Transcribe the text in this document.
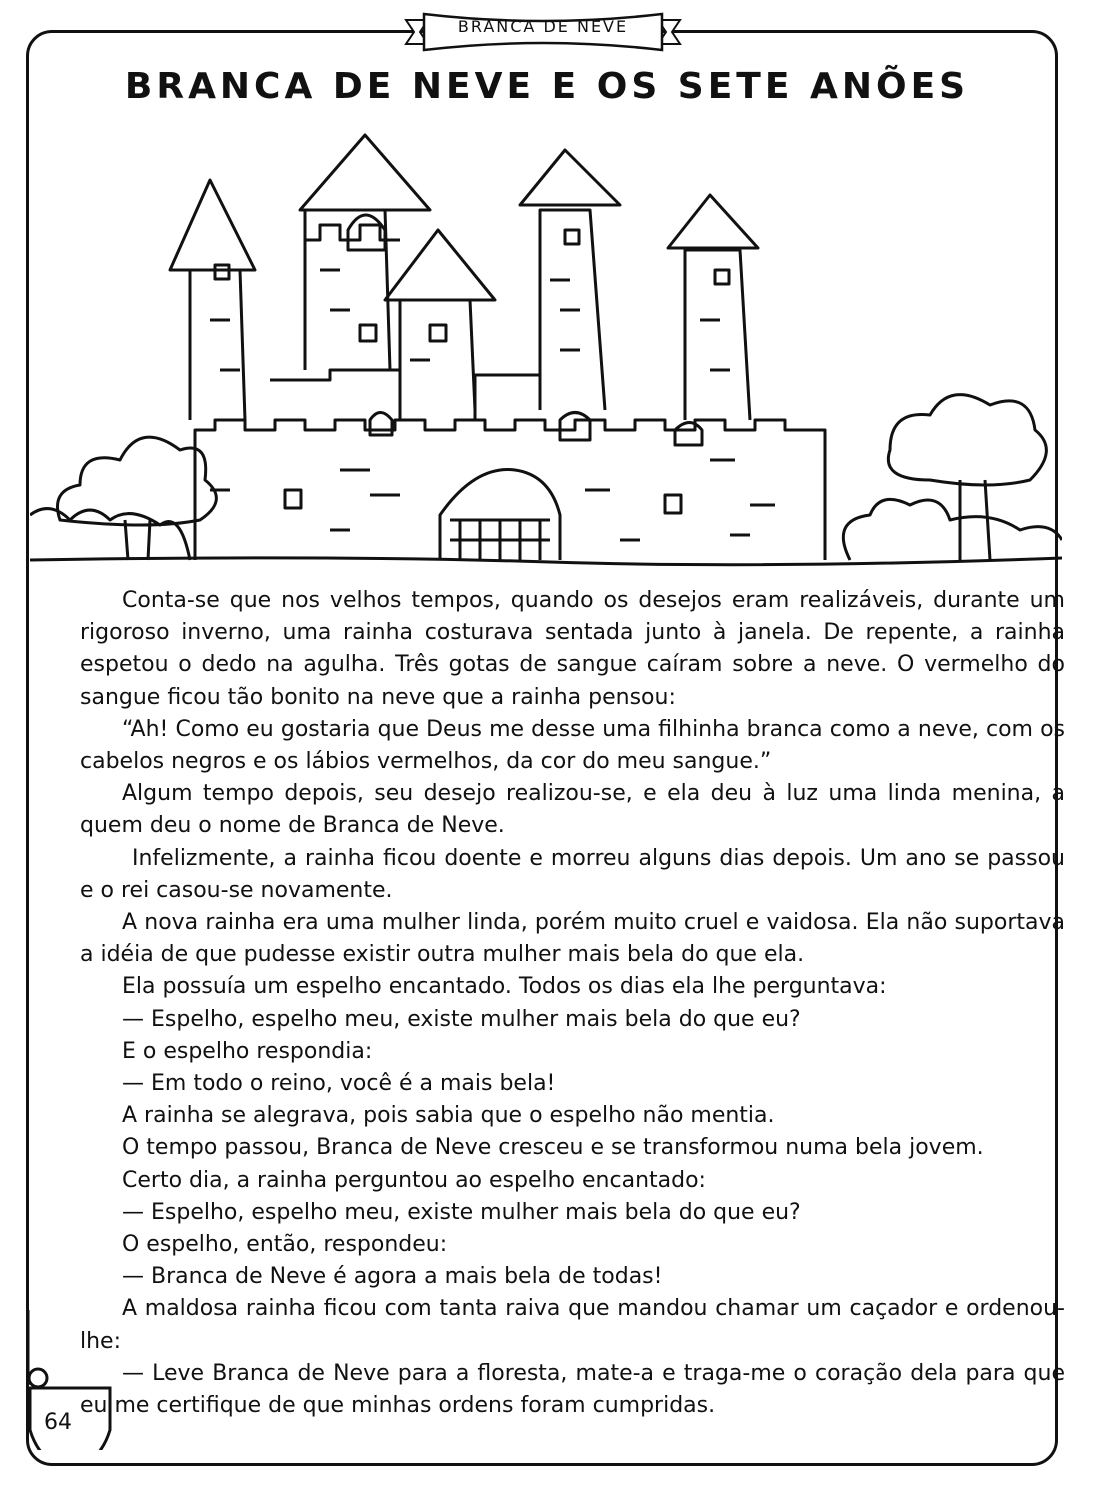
BRANCA DE NEVE
BRANCA DE NEVE E OS SETE ANÕES

Conta-se que nos velhos tempos, quando os desejos eram realizáveis, durante um rigoroso inverno, uma rainha costurava sentada junto à janela. De repente, a rainha espetou o dedo na agulha. Três gotas de sangue caíram sobre a neve. O vermelho do sangue ficou tão bonito na neve que a rainha pensou:

“Ah! Como eu gostaria que Deus me desse uma filhinha branca como a neve, com os cabelos negros e os lábios vermelhos, da cor do meu sangue.”

Algum tempo depois, seu desejo realizou-se, e ela deu à luz uma linda menina, a quem deu o nome de Branca de Neve.

Infelizmente, a rainha ficou doente e morreu alguns dias depois. Um ano se passou e o rei casou-se novamente.

A nova rainha era uma mulher linda, porém muito cruel e vaidosa. Ela não suportava a idéia de que pudesse existir outra mulher mais bela do que ela.

Ela possuía um espelho encantado. Todos os dias ela lhe perguntava:

— Espelho, espelho meu, existe mulher mais bela do que eu?

E o espelho respondia:

— Em todo o reino, você é a mais bela!

A rainha se alegrava, pois sabia que o espelho não mentia.

O tempo passou, Branca de Neve cresceu e se transformou numa bela jovem.

Certo dia, a rainha perguntou ao espelho encantado:

— Espelho, espelho meu, existe mulher mais bela do que eu?

O espelho, então, respondeu:

— Branca de Neve é agora a mais bela de todas!

A maldosa rainha ficou com tanta raiva que mandou chamar um caçador e ordenou-lhe:

— Leve Branca de Neve para a floresta, mate-a e traga-me o coração dela para que eu me certifique de que minhas ordens foram cumpridas.

64
